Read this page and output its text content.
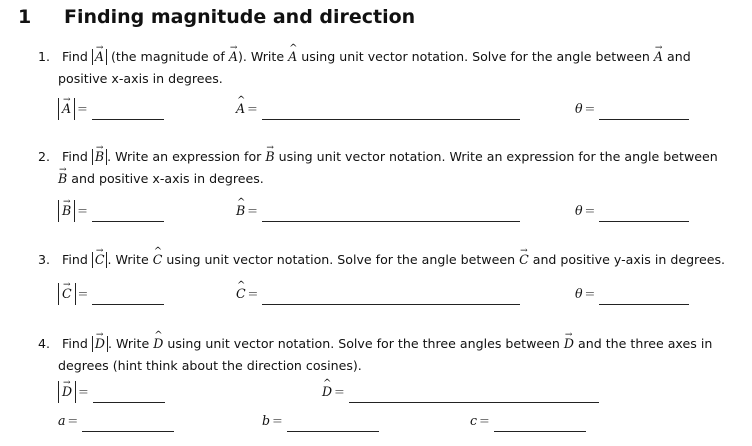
1 Finding magnitude and direction
1. Find A → (the magnitude of A →). Write A ^ using unit vector notation. Solve for the angle between A → and
positive x-axis in degrees.
A → =	A ^ =	θ =
2. Find B → . Write an expression for B → using unit vector notation. Write an expression for the angle between
B → and positive x-axis in degrees.
B → =	B ^ =	θ =
3. Find C → . Write C ^ using unit vector notation. Solve for the angle between C → and positive y-axis in degrees.
C → =	C ^ =	θ =
4. Find D → . Write D ^ using unit vector notation. Solve for the three angles between D → and the three axes in
degrees (hint think about the direction cosines).
D → =	D ^ =
a =	b =	c =
